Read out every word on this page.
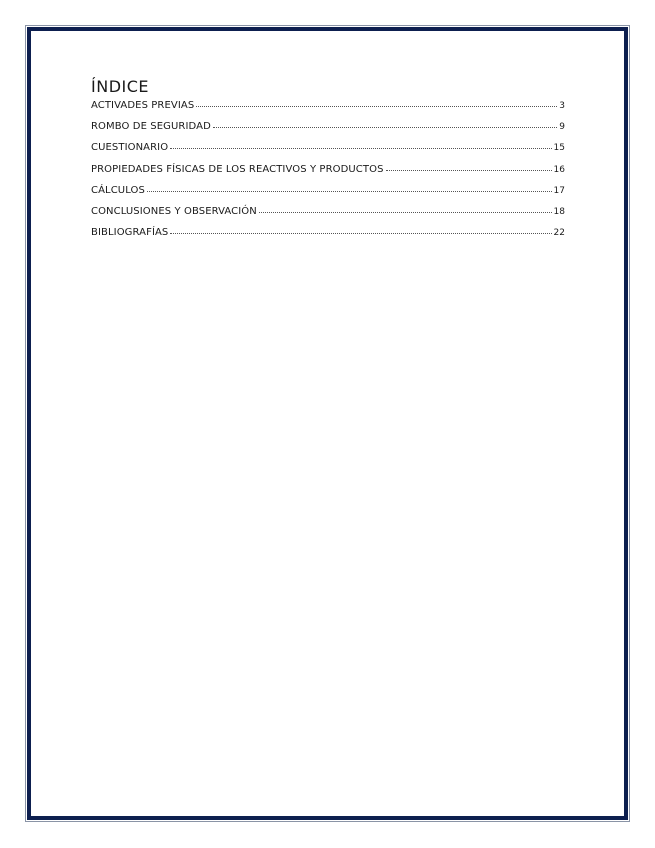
ÍNDICE
ACTIVADES PREVIAS	3
ROMBO DE SEGURIDAD	9
CUESTIONARIO	15
PROPIEDADES FÍSICAS DE LOS REACTIVOS Y PRODUCTOS	16
CÁLCULOS	17
CONCLUSIONES Y OBSERVACIÓN	18
BIBLIOGRAFÍAS	22
